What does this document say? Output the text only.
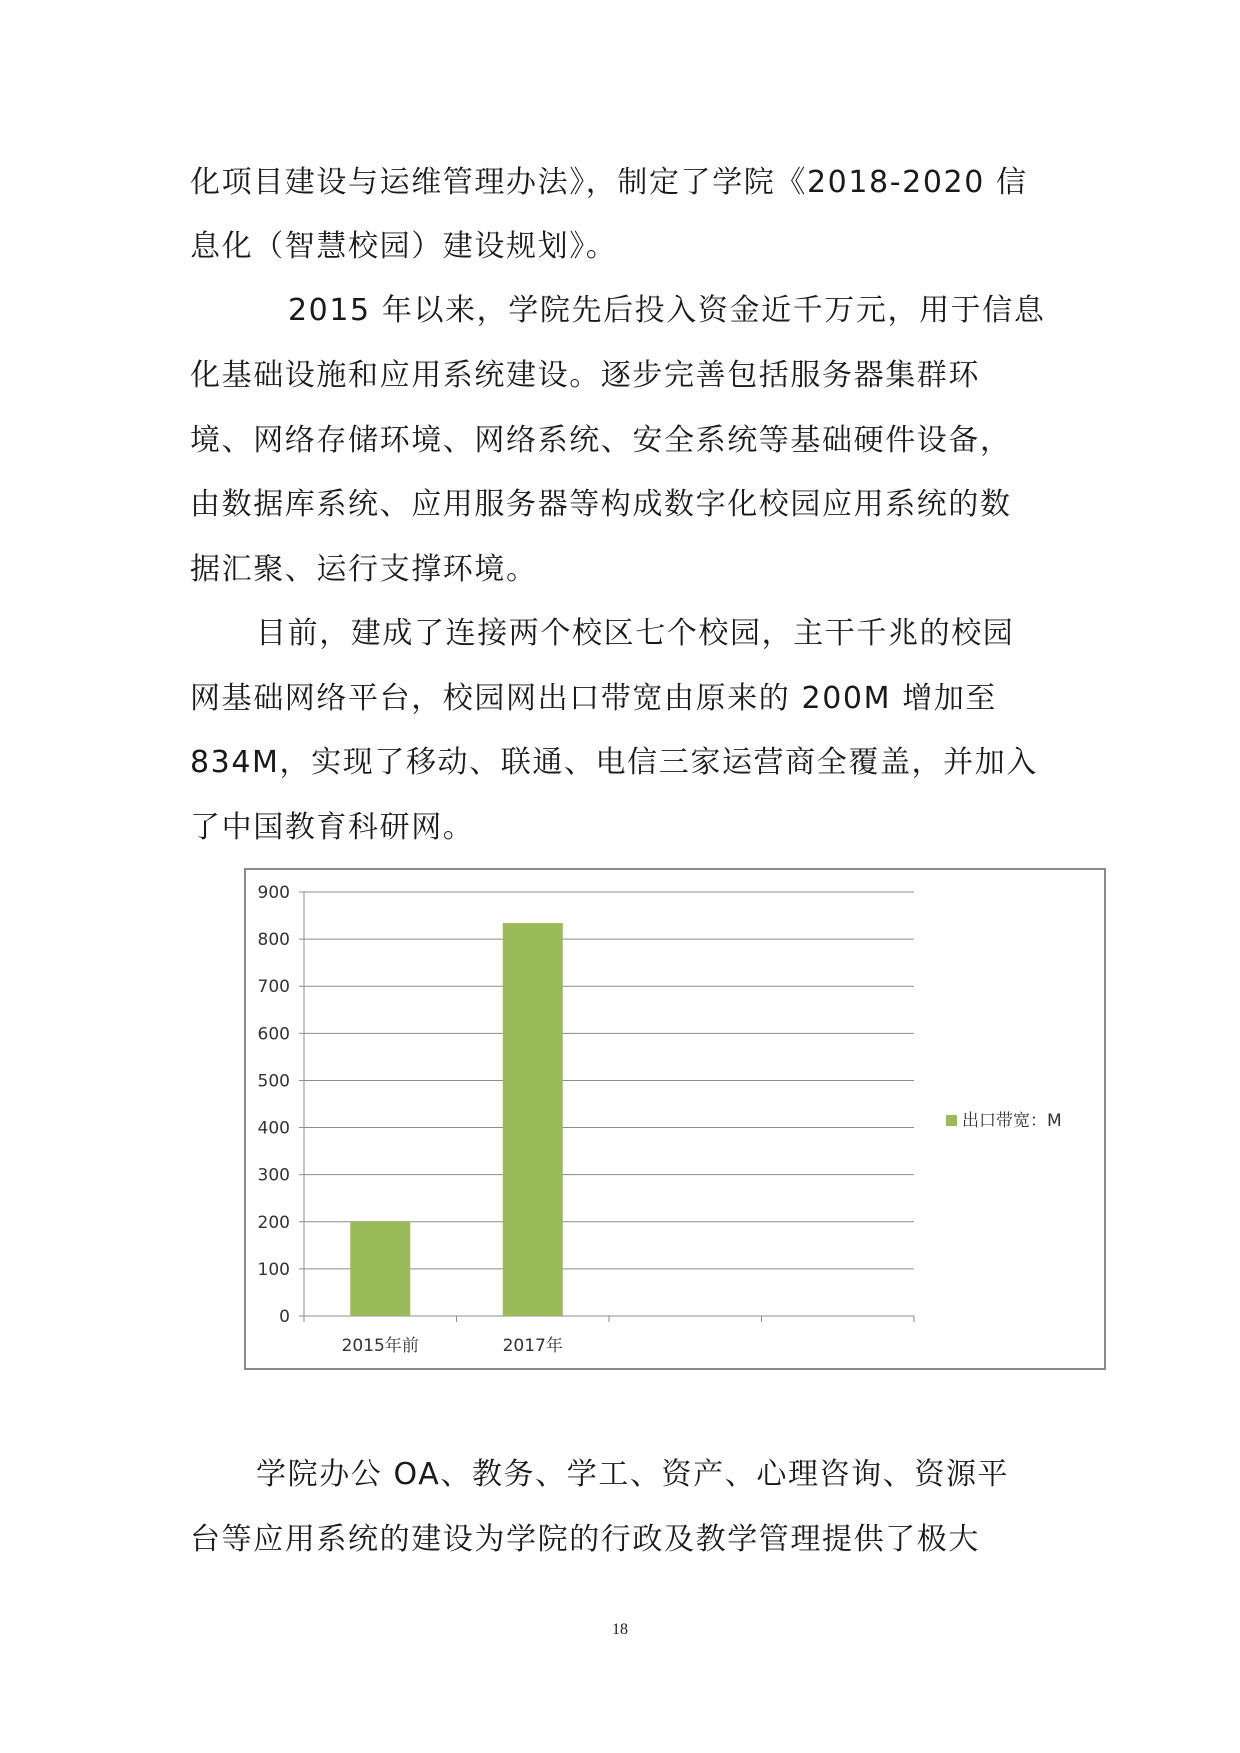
化项目建设与运维管理办法》，制定了学院《2018-2020 信
息化（智慧校园）建设规划》。
2015 年以来，学院先后投入资金近千万元，用于信息
化基础设施和应用系统建设。逐步完善包括服务器集群环
境、网络存储环境、网络系统、安全系统等基础硬件设备，
由数据库系统、应用服务器等构成数字化校园应用系统的数
据汇聚、运行支撑环境。
目前，建成了连接两个校区七个校园，主干千兆的校园
网基础网络平台，校园网出口带宽由原来的 200M 增加至
834M，实现了移动、联通、电信三家运营商全覆盖，并加入
了中国教育科研网。
0
100
200
300
400
500
600
700
800
900
2015年前	2017年
出口带宽：M
学院办公 OA、教务、学工、资产、心理咨询、资源平
台等应用系统的建设为学院的行政及教学管理提供了极大
18
